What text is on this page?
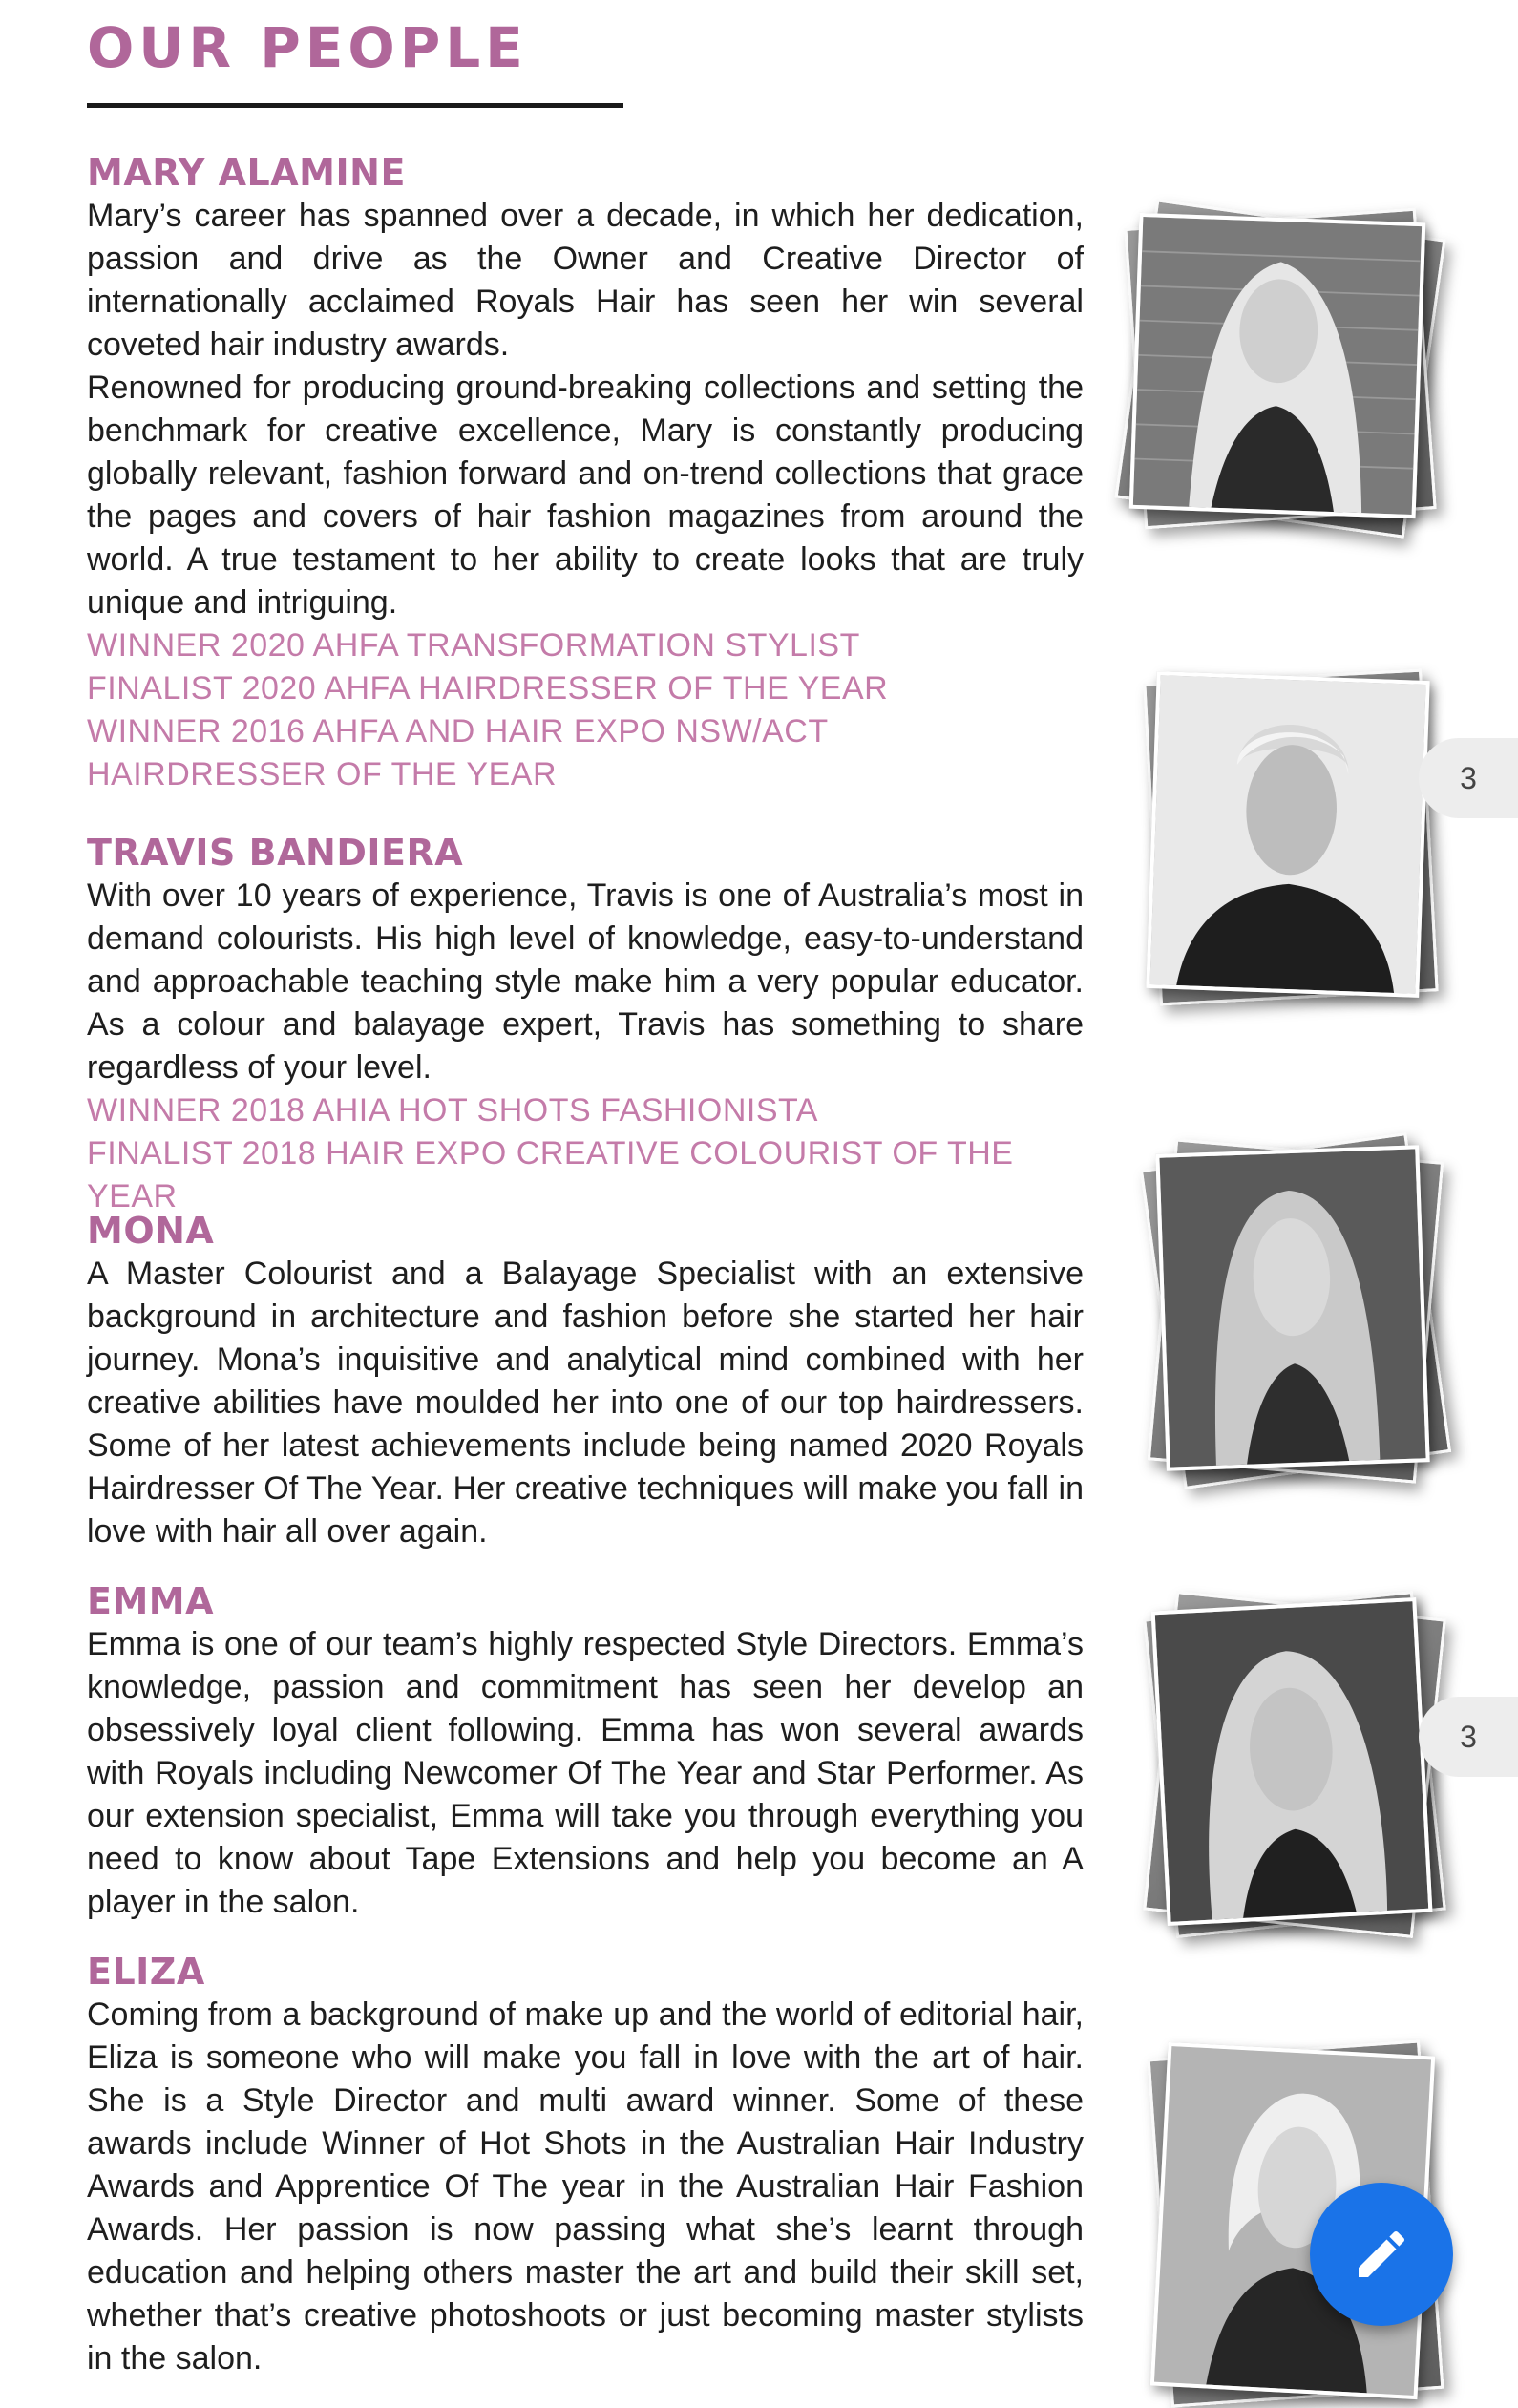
OUR PEOPLE
MARY ALAMINE

Mary’s career has spanned over a decade, in which her dedication, passion and drive as the Owner and Creative Director of internationally acclaimed Royals Hair has seen her win several coveted hair industry awards.

Renowned for producing ground-breaking collections and setting the benchmark for creative excellence, Mary is constantly producing globally relevant, fashion forward and on-trend collections that grace the pages and covers of hair fashion magazines from around the world. A true testament to her ability to create looks that are truly unique and intriguing.

WINNER 2020 AHFA TRANSFORMATION STYLIST

FINALIST 2020 AHFA HAIRDRESSER OF THE YEAR

WINNER 2016 AHFA AND HAIR EXPO NSW/ACT

HAIRDRESSER OF THE YEAR

TRAVIS BANDIERA

With over 10 years of experience, Travis is one of Australia’s most in demand colourists. His high level of knowledge, easy-to-understand and approachable teaching style make him a very popular educator. As a colour and balayage expert, Travis has something to share regardless of your level.

WINNER 2018 AHIA HOT SHOTS FASHIONISTA

FINALIST 2018 HAIR EXPO CREATIVE COLOURIST OF THE YEAR

MONA

A Master Colourist and a Balayage Specialist with an extensive background in architecture and fashion before she started her hair journey. Mona’s inquisitive and analytical mind combined with her creative abilities have moulded her into one of our top hairdressers. Some of her latest achievements include being named 2020 Royals Hairdresser Of The Year. Her creative techniques will make you fall in love with hair all over again.

EMMA

Emma is one of our team’s highly respected Style Directors. Emma’s knowledge, passion and commitment has seen her develop an obsessively loyal client following. Emma has won several awards with Royals including Newcomer Of The Year and Star Performer. As our extension specialist, Emma will take you through everything you need to know about Tape Extensions and help you become an A player in the salon.

ELIZA

Coming from a background of make up and the world of editorial hair, Eliza is someone who will make you fall in love with the art of hair. She is a Style Director and multi award winner. Some of these awards include Winner of Hot Shots in the Australian Hair Industry Awards and Apprentice Of The year in the Australian Hair Fashion Awards. Her passion is now passing what she’s learnt through education and helping others master the art and build their skill set, whether that’s creative photoshoots or just becoming master stylists in the salon.

3
3
